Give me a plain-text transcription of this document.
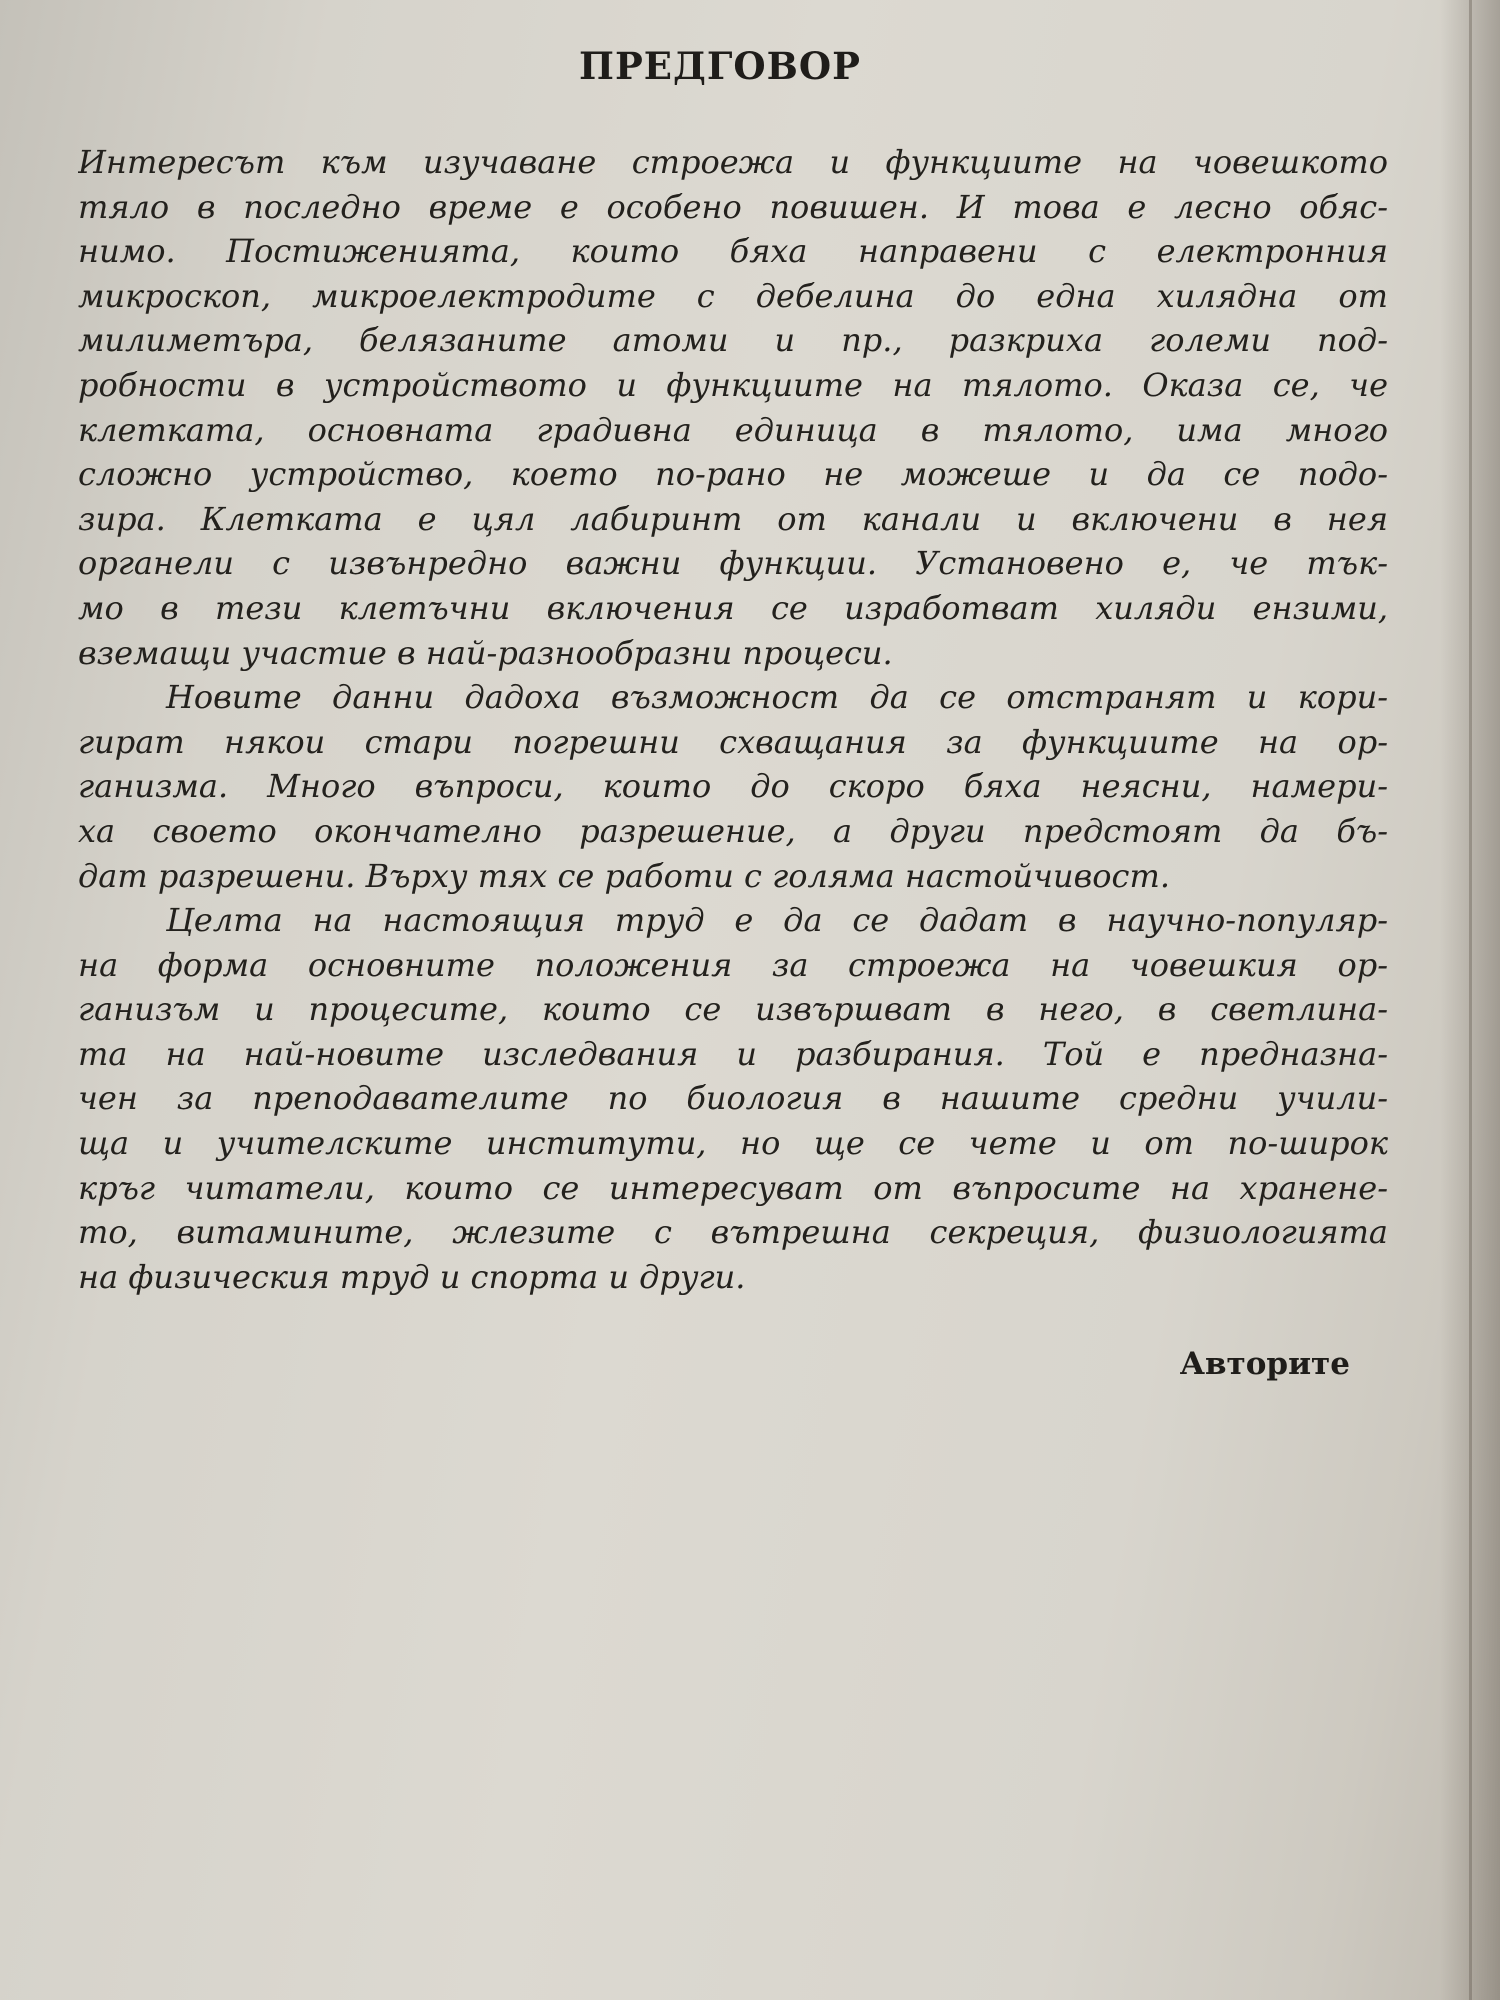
ПРЕДГОВОР
Интересът към изучаване строежа и функциите на човешкото
тяло в последно време е особено повишен. И това е лесно обяс-
нимо. Постиженията, които бяха направени с електронния
микроскоп, микроелектродите с дебелина до една хилядна от
милиметъра, белязаните атоми и пр., разкриха големи под-
робности в устройството и функциите на тялото. Оказа се, че
клетката, основната градивна единица в тялото, има много
сложно устройство, което по-рано не можеше и да се подо-
зира. Клетката е цял лабиринт от канали и включени в нея
органели с извънредно важни функции. Установено е, че тък-
мо в тези клетъчни включения се изработват хиляди ензими,
вземащи участие в най-разнообразни процеси.
Новите данни дадоха възможност да се отстранят и кори-
гират някои стари погрешни схващания за функциите на ор-
ганизма. Много въпроси, които до скоро бяха неясни, намери-
ха своето окончателно разрешение, а други предстоят да бъ-
дат разрешени. Върху тях се работи с голяма настойчивост.
Целта на настоящия труд е да се дадат в научно-популяр-
на форма основните положения за строежа на човешкия ор-
ганизъм и процесите, които се извършват в него, в светлина-
та на най-новите изследвания и разбирания. Той е предназна-
чен за преподавателите по биология в нашите средни учили-
ща и учителските институти, но ще се чете и от по-широк
кръг читатели, които се интересуват от въпросите на хранене-
то, витамините, жлезите с вътрешна секреция, физиологията
на физическия труд и спорта и други.
Авторите
